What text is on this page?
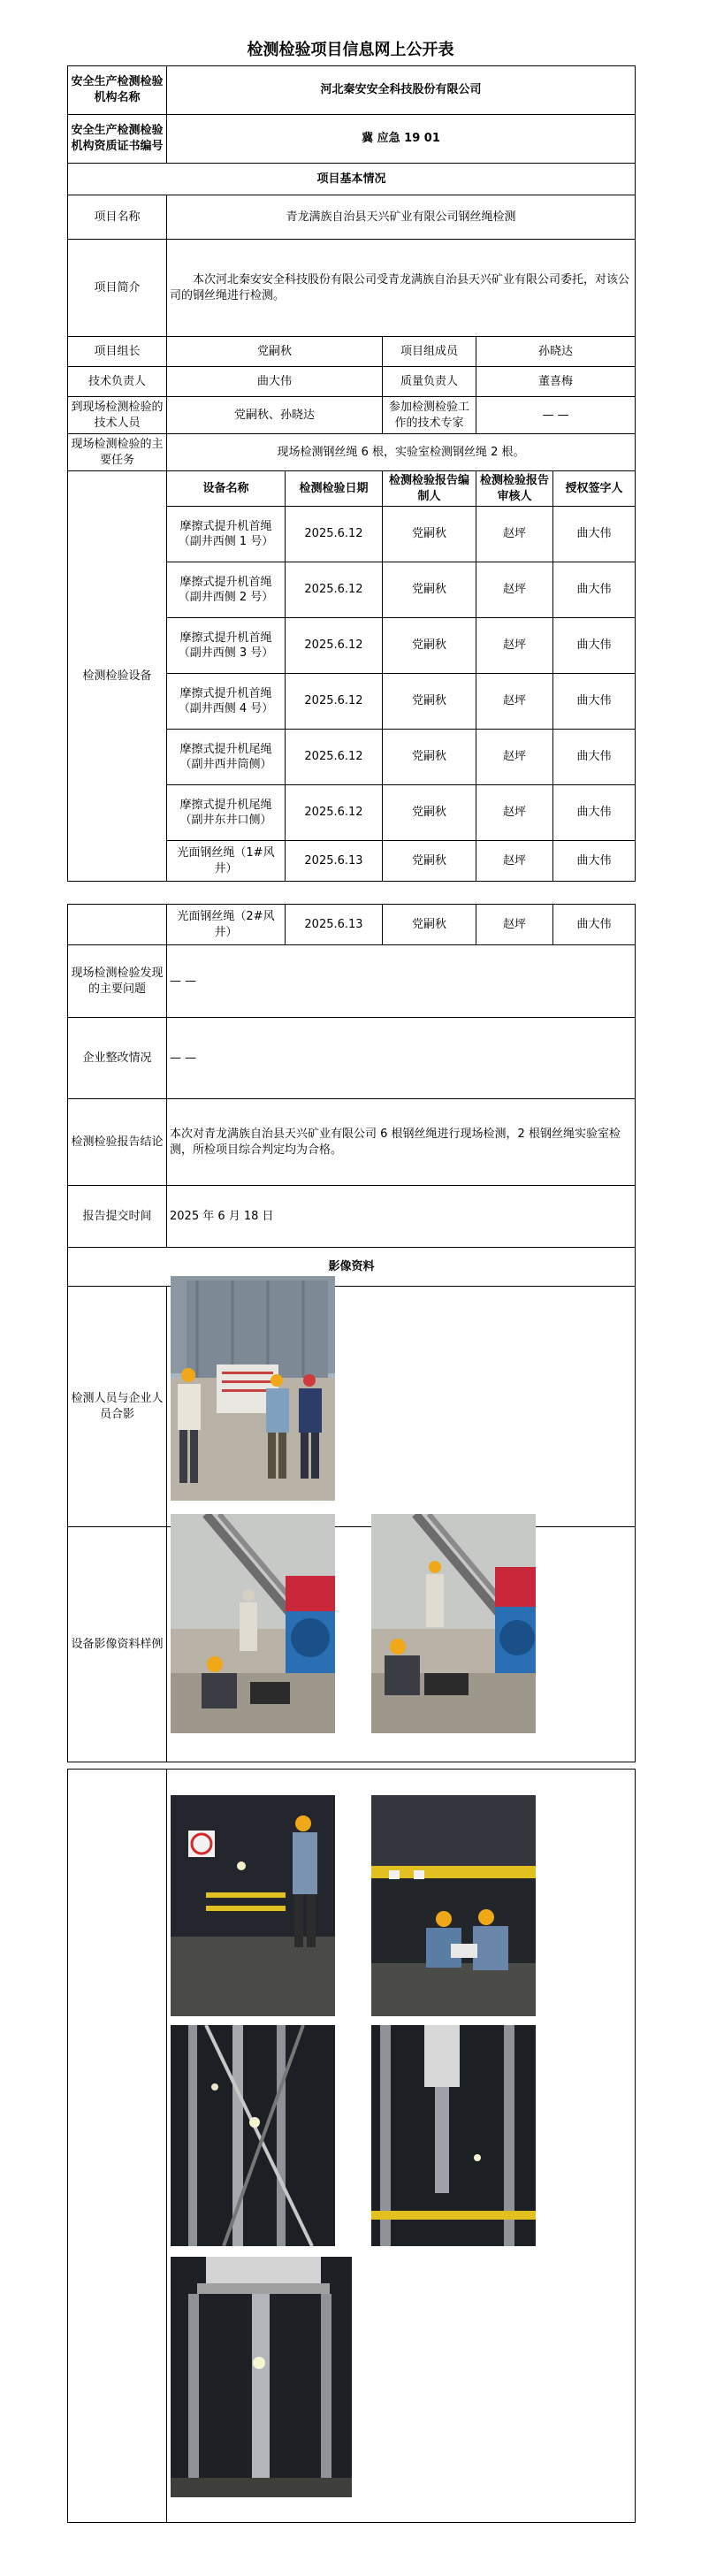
检测检验项目信息网上公开表
安全生产检测检验机构名称	河北秦安安全科技股份有限公司				
安全生产检测检验机构资质证书编号	冀 应急 19 01				
项目基本情况					
项目名称	青龙满族自治县天兴矿业有限公司钢丝绳检测				
项目简介	本次河北秦安安全科技股份有限公司受青龙满族自治县天兴矿业有限公司委托，对该公司的钢丝绳进行检测。				
项目组长	党嗣秋		项目组成员	孙晓达	
技术负责人	曲大伟		质量负责人	董喜梅	
到现场检测检验的技术人员	党嗣秋、孙晓达		参加检测检验工作的技术专家	— —	
现场检测检验的主要任务	现场检测钢丝绳 6 根，实验室检测钢丝绳 2 根。				
检测检验设备	设备名称	检测检验日期	检测检验报告编制人	检测检验报告审核人	授权签字人
	摩擦式提升机首绳（副井西侧 1 号）	2025.6.12	党嗣秋	赵坪	曲大伟
	摩擦式提升机首绳（副井西侧 2 号）	2025.6.12	党嗣秋	赵坪	曲大伟
	摩擦式提升机首绳（副井西侧 3 号）	2025.6.12	党嗣秋	赵坪	曲大伟
	摩擦式提升机首绳（副井西侧 4 号）	2025.6.12	党嗣秋	赵坪	曲大伟
	摩擦式提升机尾绳（副井西井筒侧）	2025.6.12	党嗣秋	赵坪	曲大伟
	摩擦式提升机尾绳（副井东井口侧）	2025.6.12	党嗣秋	赵坪	曲大伟
	光面钢丝绳（1#风井）	2025.6.13	党嗣秋	赵坪	曲大伟
	光面钢丝绳（2#风井）	2025.6.13	党嗣秋	赵坪	曲大伟
现场检测检验发现的主要问题	— —				
企业整改情况	— —				
检测检验报告结论	本次对青龙满族自治县天兴矿业有限公司 6 根钢丝绳进行现场检测，2 根钢丝绳实验室检测，所检项目综合判定均为合格。				
报告提交时间	2025 年 6 月 18 日				
影像资料					
检测人员与企业人员合影					
设备影像资料样例					
